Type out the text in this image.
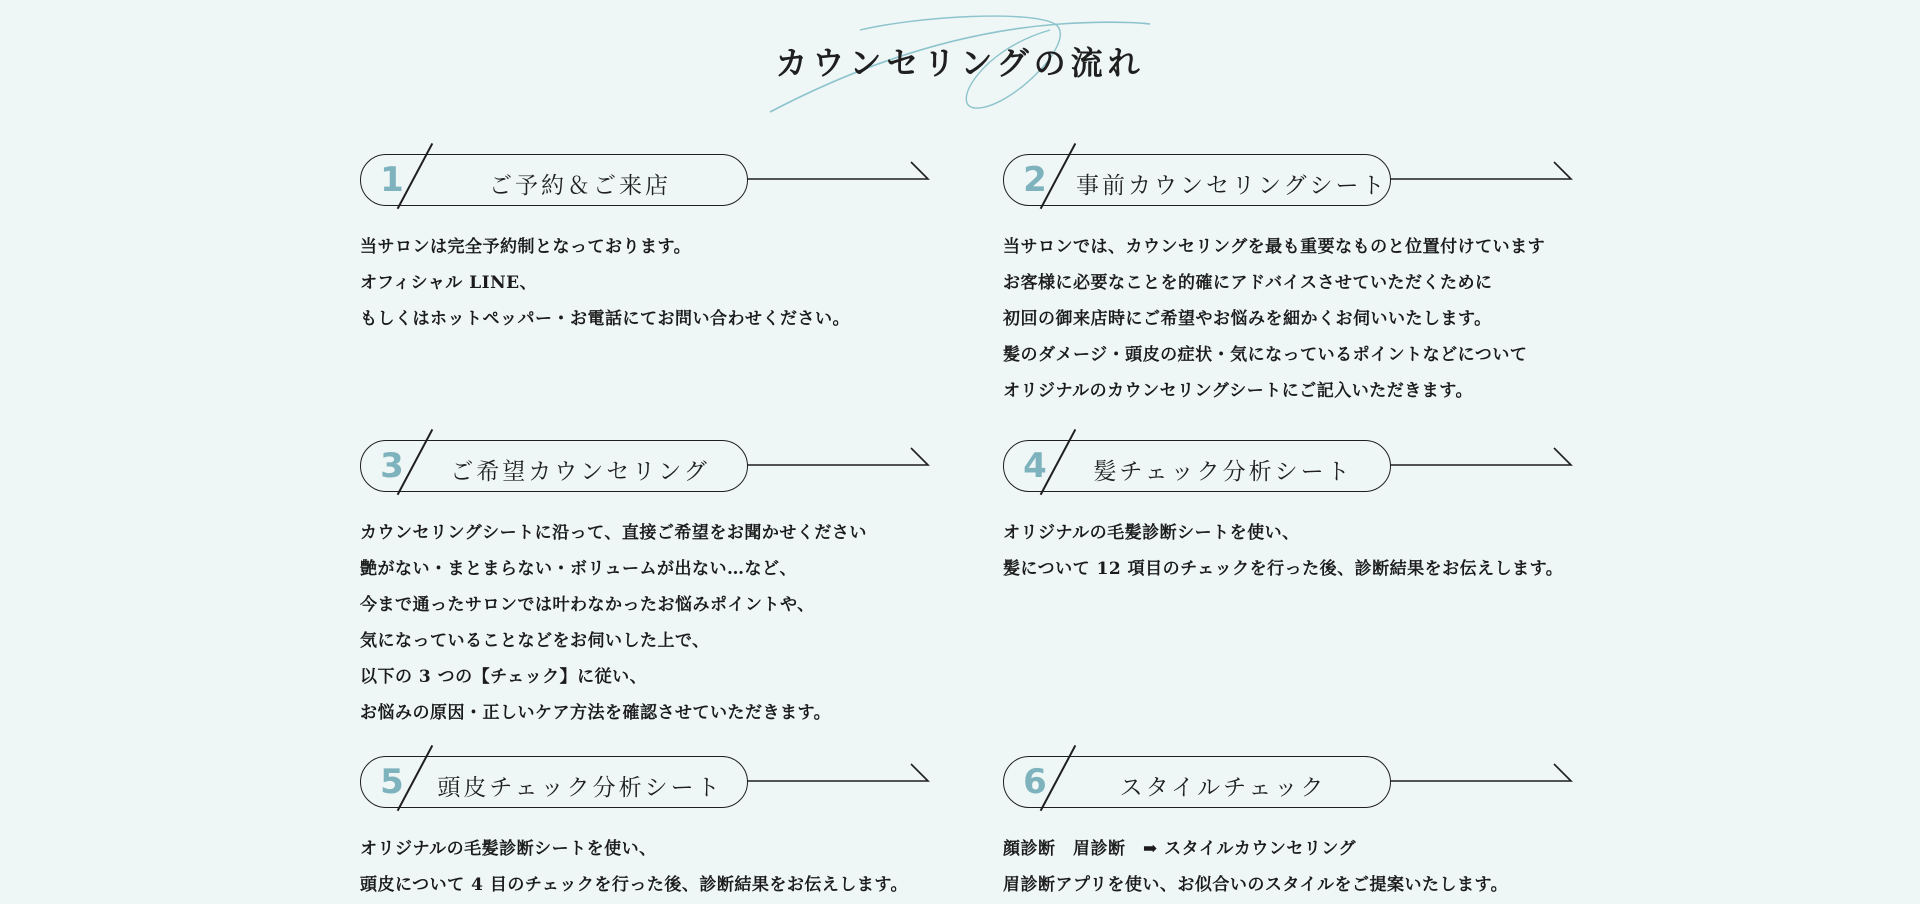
カウンセリングの流れ
1	ご予約＆ご来店

当サロンは完全予約制となっております。

オフィシャル LINE、

もしくはホットペッパー・お電話にてお問い合わせください。

2 事前カウンセリングシート

当サロンでは、カウンセリングを最も重要なものと位置付けています

お客様に必要なことを的確にアドバイスさせていただくために

初回の御来店時にご希望やお悩みを細かくお伺いいたします。

髪のダメージ・頭皮の症状・気になっているポイントなどについて

オリジナルのカウンセリングシートにご記入いただきます。

3	ご希望カウンセリング

カウンセリングシートに沿って、直接ご希望をお聞かせください

艶がない・まとまらない・ボリュームが出ない…など、

今まで通ったサロンでは叶わなかったお悩みポイントや、

気になっていることなどをお伺いした上で、

以下の 3 つの【チェック】に従い、

お悩みの原因・正しいケア方法を確認させていただきます。

4	髪チェック分析シート

オリジナルの毛髪診断シートを使い、

髪について 12 項目のチェックを行った後、診断結果をお伝えします。

5 頭皮チェック分析シート

オリジナルの毛髪診断シートを使い、

頭皮について 4 目のチェックを行った後、診断結果をお伝えします。

6	スタイルチェック

顔診断　眉診断　➡ スタイルカウンセリング

眉診断アプリを使い、お似合いのスタイルをご提案いたします。
